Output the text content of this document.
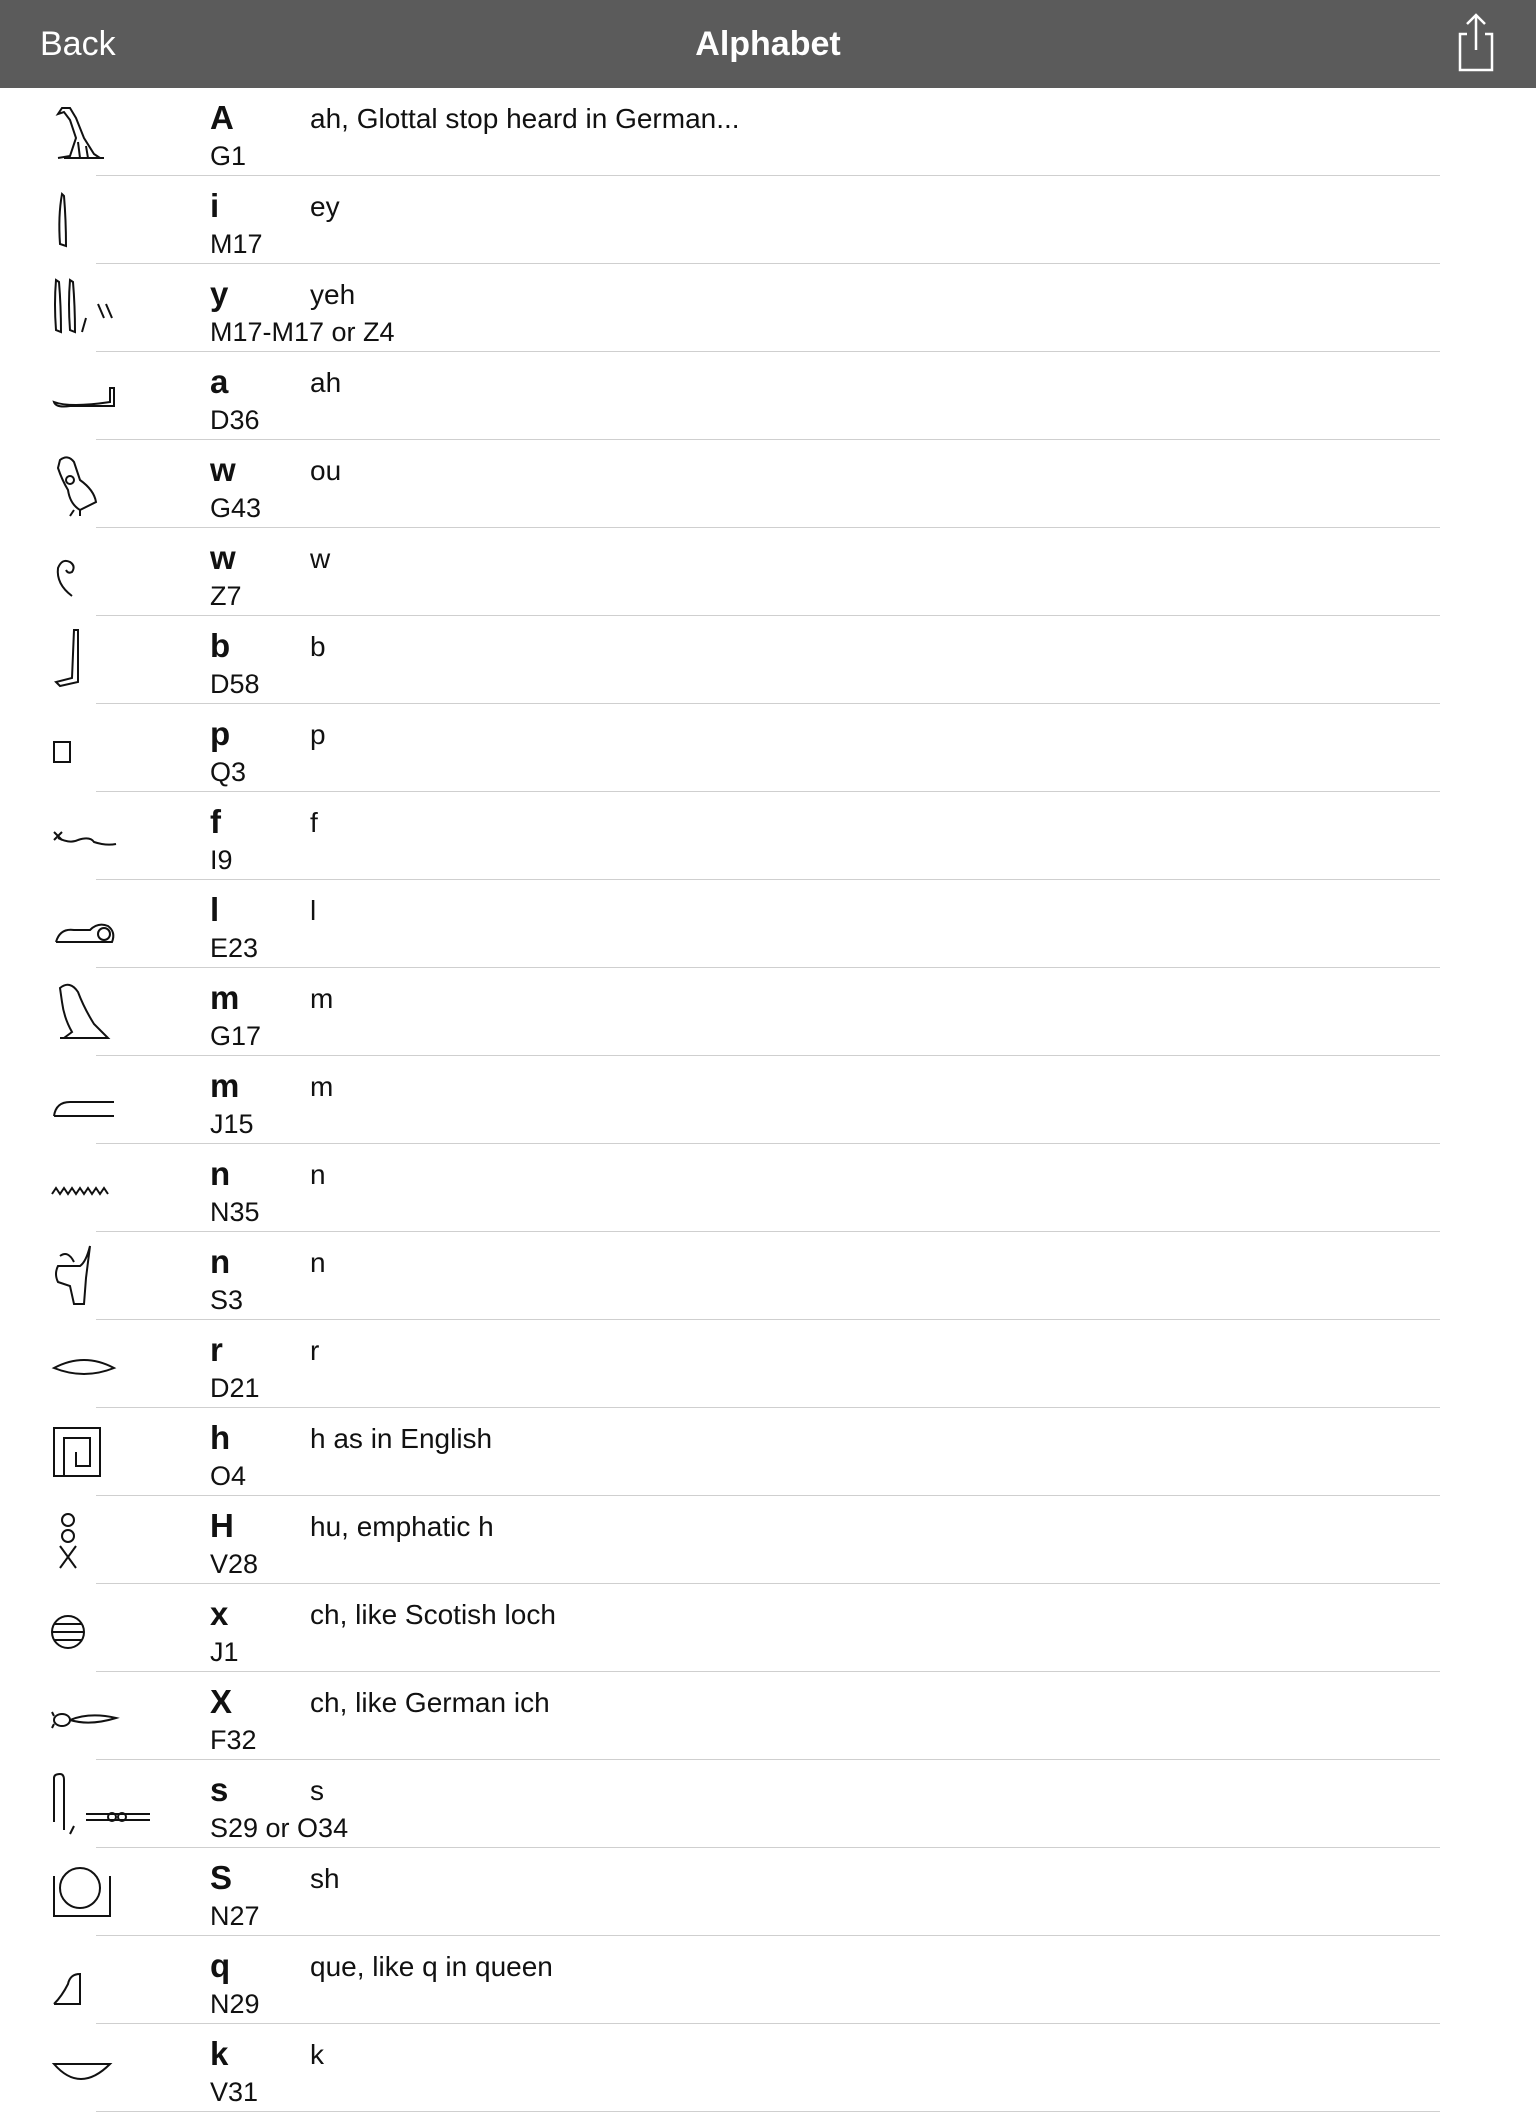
Back	Alphabet
A
G1
ah, Glottal stop heard in German...
i
M17
ey
y
M17-M17 or Z4
yeh
a
D36
ah
w
G43
ou
w
Z7
w
b
D58
b
p
Q3
p
f
I9
f
l
E23
l
m
G17
m
m
J15
m
n
N35
n
n
S3
n
r
D21
r
h
O4
h as in English
H
V28
hu, emphatic h
x
J1
ch, like Scotish loch
X
F32
ch, like German ich
s
S29 or O34
s
S
N27
sh
q
N29
que, like q in queen
k
V31
k
